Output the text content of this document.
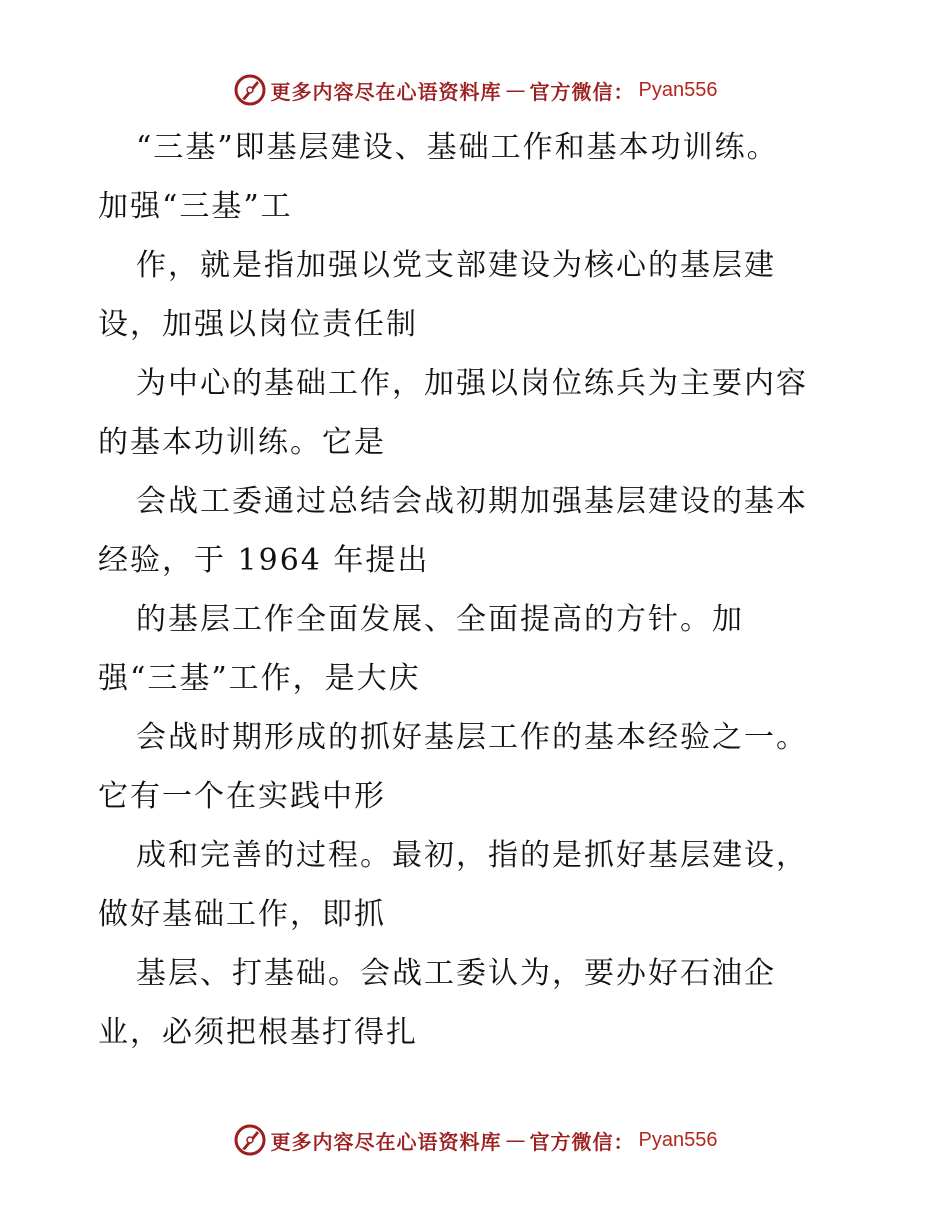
更多内容尽在心语资料库 — 官方微信： Pyan556
“三基”即基层建设、基础工作和基本功训练。
加强“三基”工
作，就是指加强以党支部建设为核心的基层建
设，加强以岗位责任制
为中心的基础工作，加强以岗位练兵为主要内容
的基本功训练。它是
会战工委通过总结会战初期加强基层建设的基本
经验，于 1964 年提出
的基层工作全面发展、全面提高的方针。加
强“三基”工作，是大庆
会战时期形成的抓好基层工作的基本经验之一。
它有一个在实践中形
成和完善的过程。最初，指的是抓好基层建设，
做好基础工作，即抓
基层、打基础。会战工委认为，要办好石油企
业，必须把根基打得扎
更多内容尽在心语资料库 — 官方微信： Pyan556
